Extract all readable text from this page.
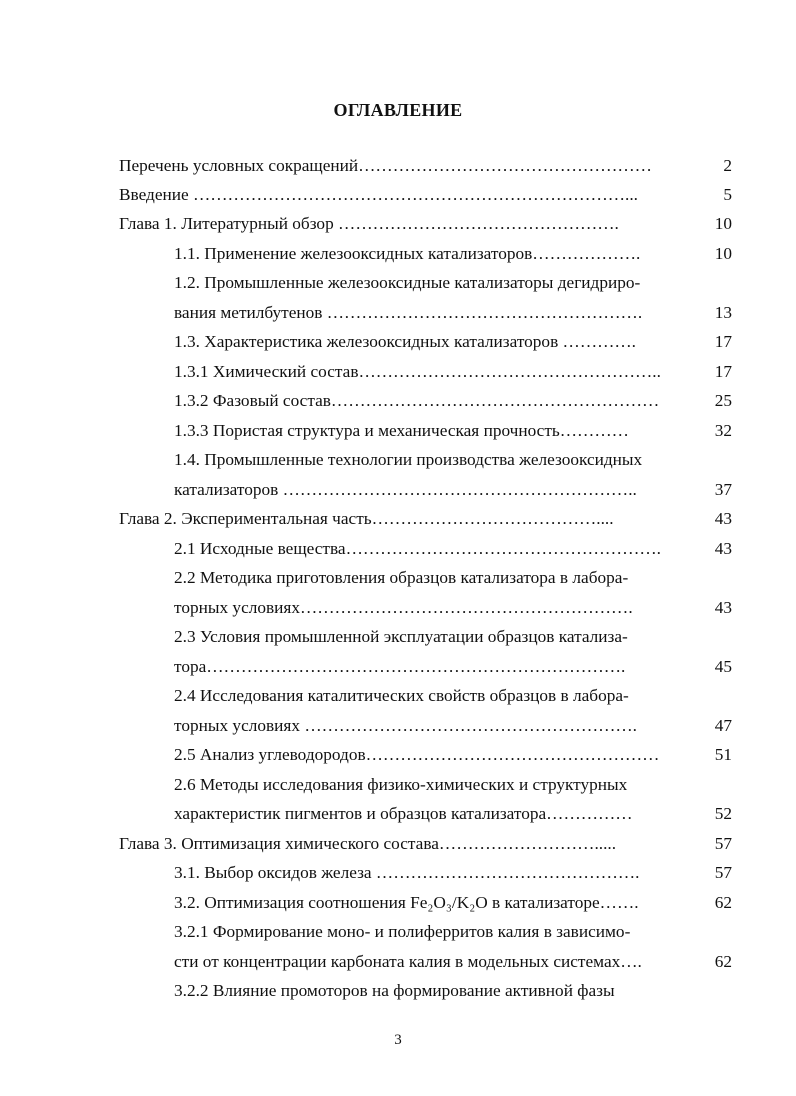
ОГЛАВЛЕНИЕ
Перечень условных сокращений……………………………………………	2
Введение …………………………………………………………………...	5
Глава 1. Литературный обзор ………………………………………….	10
1.1. Применение железооксидных катализаторов……………….	10
1.2. Промышленные железооксидные катализаторы дегидриро-
вания метилбутенов ……………………………………………….	13
1.3. Характеристика железооксидных катализаторов ………….	17
1.3.1 Химический состав……………………………………………..	17
1.3.2 Фазовый состав…………………………………………………	25
1.3.3 Пористая структура и механическая прочность…………	32
1.4. Промышленные технологии производства железооксидных
катализаторов ……………………………………………………..	37
Глава 2. Экспериментальная часть…………………………………....	43
2.1 Исходные вещества……………………………………………….	43
2.2 Методика приготовления образцов катализатора в лабора-
торных условиях………………………………………………….	43
2.3 Условия промышленной эксплуатации образцов катализа-
тора……………………………………………………………….	45
2.4 Исследования каталитических свойств образцов в лабора-
торных условиях ………………………………………………….	47
2.5 Анализ углеводородов……………………………………………	51
2.6 Методы исследования физико-химических и структурных
характеристик пигментов и образцов катализатора……………	52
Глава 3. Оптимизация химического состава……………………….....	57
3.1. Выбор оксидов железа ……………………………………….	57
3.2. Оптимизация соотношения Fe₂O₃/K₂O в катализаторе…….	62
3.2.1 Формирование моно- и полиферритов калия в зависимо-
сти от концентрации карбоната калия в модельных системах….	62
3.2.2 Влияние промоторов на формирование активной фазы
3
